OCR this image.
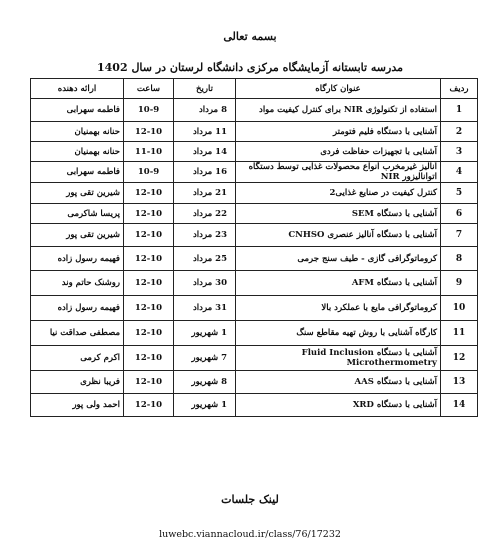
بسمه تعالی
مدرسه تابستانه آزمایشگاه مرکزی دانشگاه لرستان در سال 1402
ردیف	عنوان کارگاه	تاریخ	ساعت	ارائه دهنده
1	استفاده از تکنولوژی NIR برای کنترل کیفیت مواد	8 مرداد	10-9	فاطمه سهرابی
2	آشنایی با دستگاه فلیم فتومتر	11 مرداد	12-10	حنانه بهمنیان
3	آشنایی با تجهیزات حفاظت فردی	14 مرداد	11-10	حنانه بهمنیان
4	آنالیز غیرمخرب انواع محصولات غذایی توسط دستگاه اتوانالیزور NIR	16 مرداد	10-9	فاطمه سهرابی
5	کنترل کیفیت در صنایع غذایی2	21 مرداد	12-10	شیرین تقی پور
6	آشنایی با دستگاه SEM	22 مرداد	12-10	پریسا شاکرمی
7	آشنایی با دستگاه آنالیز عنصری CNHSO	23 مرداد	12-10	شیرین تقی پور
8	کروماتوگرافی گازی - طیف سنج جرمی	25 مرداد	12-10	فهیمه رسول زاده
9	آشنایی با دستگاه AFM	30 مرداد	12-10	روشنک حاتم وند
10	کروماتوگرافی مایع با عملکرد بالا	31 مرداد	12-10	فهیمه رسول زاده
11	کارگاه آشنایی با روش تهیه مقاطع سنگ	1 شهریور	12-10	مصطفی صداقت نیا
12	آشنایی با دستگاه Fluid Inclusion Microthermometry	7 شهریور	12-10	اکرم کرمی
13	آشنایی با دستگاه AAS	8 شهریور	12-10	فریبا نظری
14	آشنایی با دستگاه XRD	1 شهریور	12-10	احمد ولی پور
لینک جلسات
luwebc.viannacloud.ir/class/76/17232
